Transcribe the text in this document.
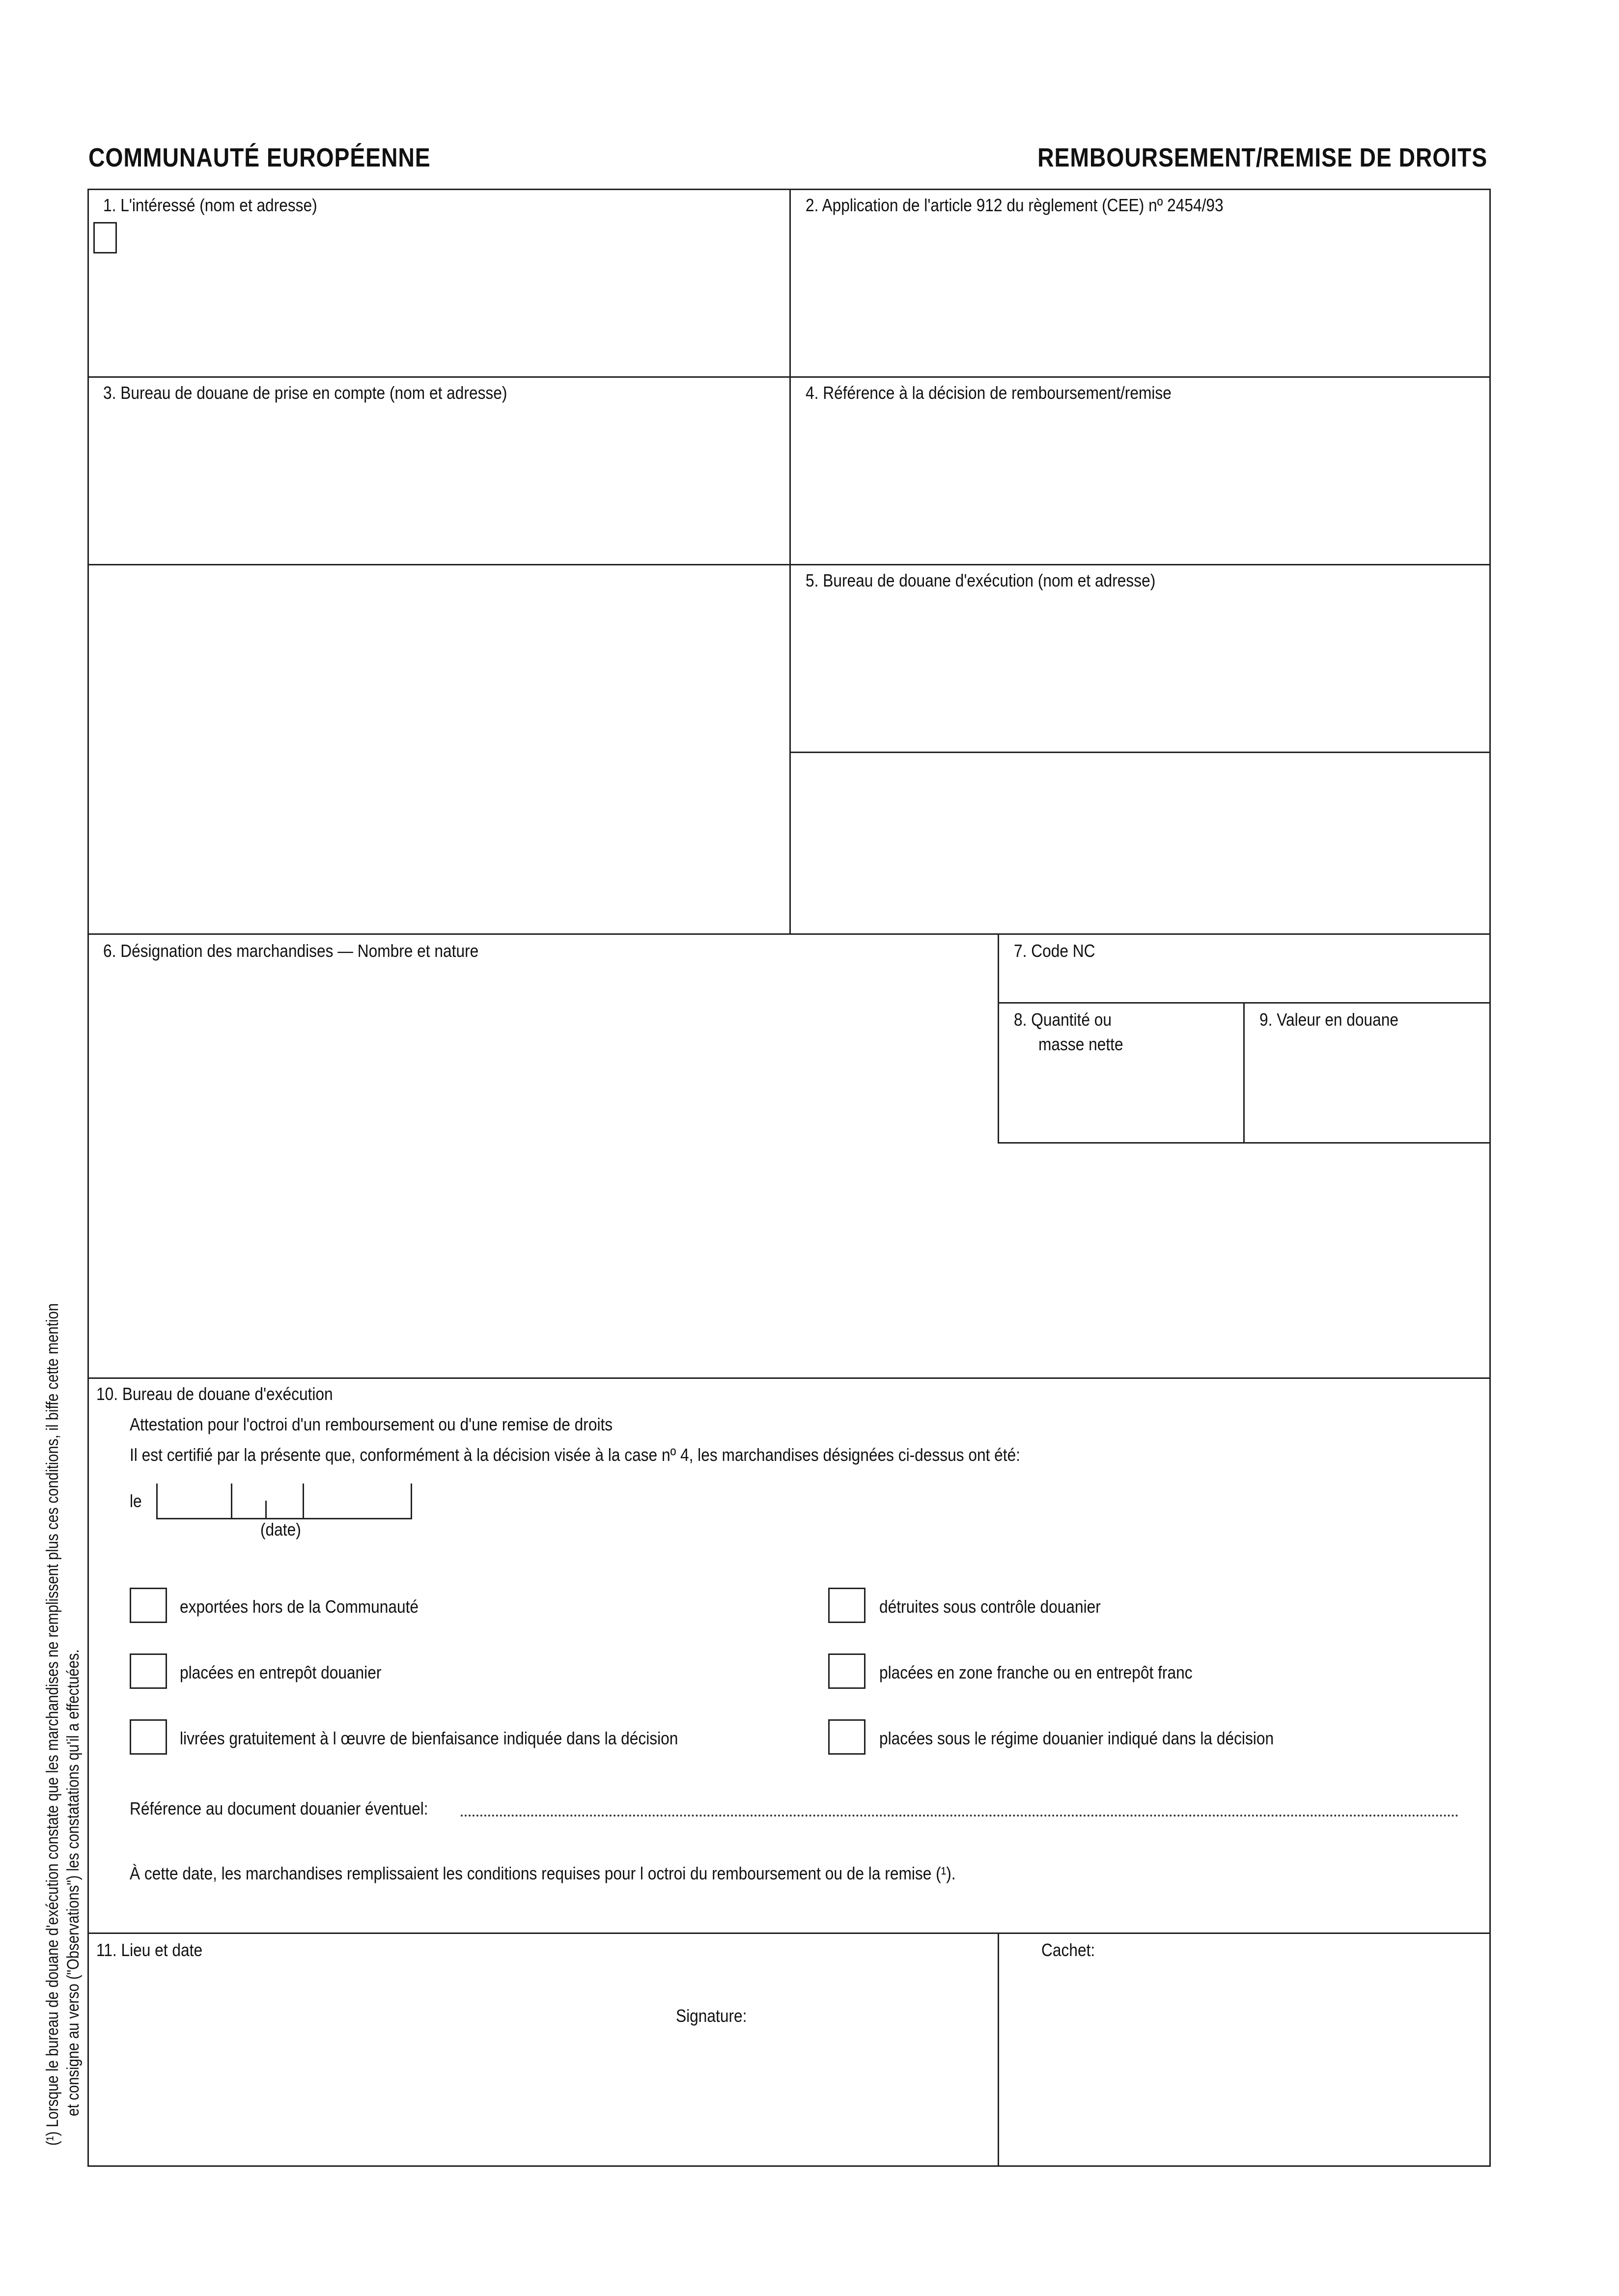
COMMUNAUTÉ EUROPÉENNE	REMBOURSEMENT/REMISE DE DROITS
1. L'intéressé (nom et adresse)	2. Application de l'article 912 du règlement (CEE) nº 2454/93
3. Bureau de douane de prise en compte (nom et adresse)	4. Référence à la décision de remboursement/remise
5. Bureau de douane d'exécution (nom et adresse)
6. Désignation des marchandises — Nombre et nature	7. Code NC
8. Quantité ou
masse nette
9. Valeur en douane
10. Bureau de douane d'exécution
Attestation pour l'octroi d'un remboursement ou d'une remise de droits
Il est certifié par la présente que, conformément à la décision visée à la case nº 4, les marchandises désignées ci-dessus ont été:
le
(date)
exportées hors de la Communauté	détruites sous contrôle douanier
placées en entrepôt douanier	placées en zone franche ou en entrepôt franc
livrées gratuitement à l œuvre de bienfaisance indiquée dans la décision	placées sous le régime douanier indiqué dans la décision
Référence au document douanier éventuel:
À cette date, les marchandises remplissaient les conditions requises pour l octroi du remboursement ou de la remise (¹).
11. Lieu et date
Signature:
Cachet:
(¹) Lorsque le bureau de douane d'exécution constate que les marchandises ne remplissent plus ces conditions, il biffe cette mention et consigne au verso ("Observations") les constatations qu'il a effectuées.
